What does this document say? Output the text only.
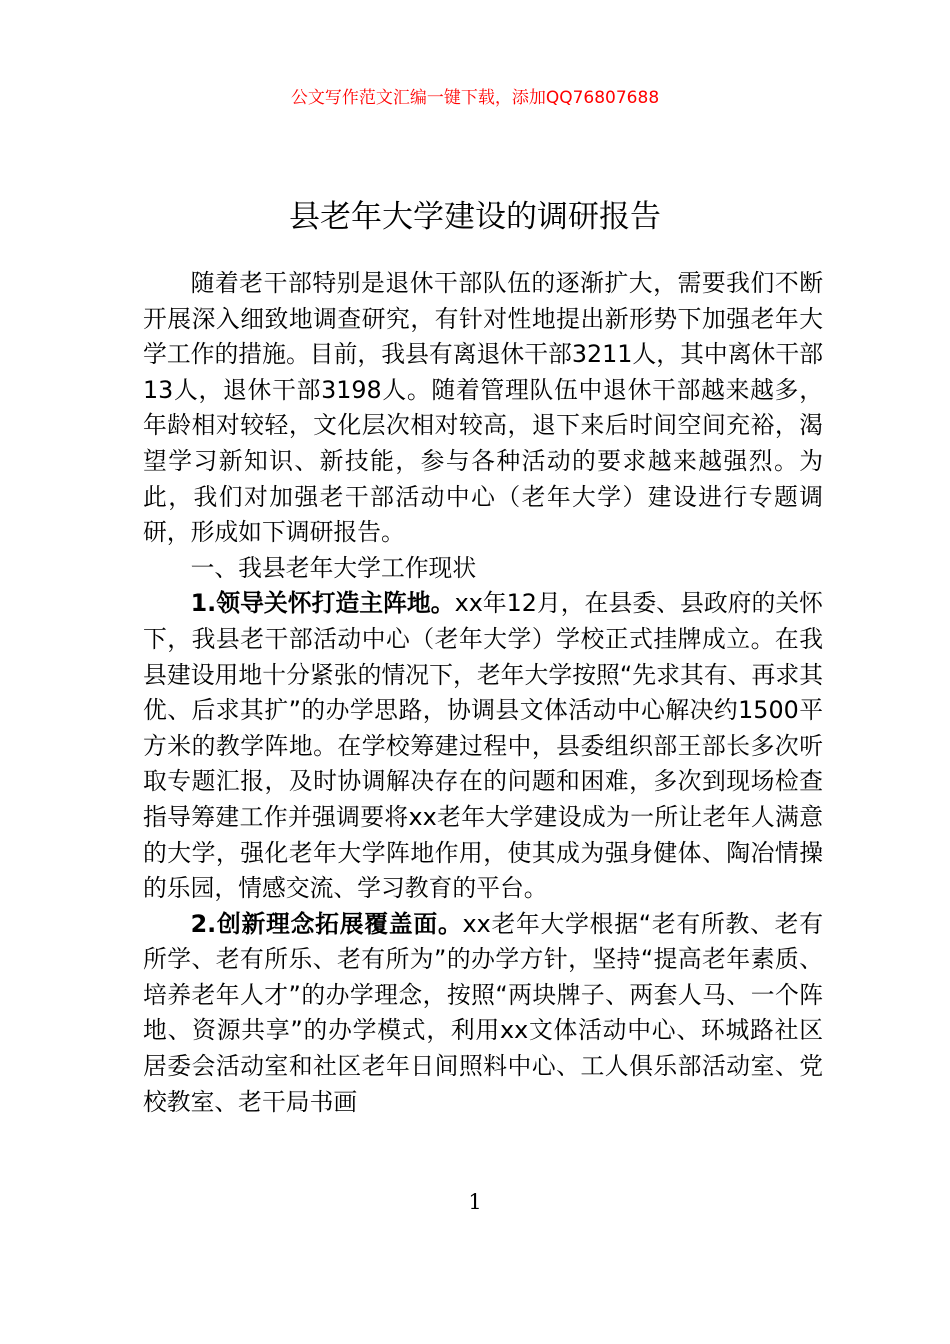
公文写作范文汇编一键下载，添加QQ76807688
县老年大学建设的调研报告

随着老干部特别是退休干部队伍的逐渐扩大，需要我们不断开展深入细致地调查研究，有针对性地提出新形势下加强老年大学工作的措施。目前，我县有离退休干部3211人，其中离休干部13人，退休干部3198人。随着管理队伍中退休干部越来越多，年龄相对较轻，文化层次相对较高，退下来后时间空间充裕，渴望学习新知识、新技能，参与各种活动的要求越来越强烈。为此，我们对加强老干部活动中心（老年大学）建设进行专题调研，形成如下调研报告。

一、我县老年大学工作现状

1.领导关怀打造主阵地。xx年12月，在县委、县政府的关怀下，我县老干部活动中心（老年大学）学校正式挂牌成立。在我县建设用地十分紧张的情况下，老年大学按照“先求其有、再求其优、后求其扩”的办学思路，协调县文体活动中心解决约1500平方米的教学阵地。在学校筹建过程中，县委组织部王部长多次听取专题汇报，及时协调解决存在的问题和困难，多次到现场检查指导筹建工作并强调要将xx老年大学建设成为一所让老年人满意的大学，强化老年大学阵地作用，使其成为强身健体、陶冶情操的乐园，情感交流、学习教育的平台。

2.创新理念拓展覆盖面。xx老年大学根据“老有所教、老有所学、老有所乐、老有所为”的办学方针，坚持“提高老年素质、培养老年人才”的办学理念，按照“两块牌子、两套人马、一个阵地、资源共享”的办学模式，利用xx文体活动中心、环城路社区居委会活动室和社区老年日间照料中心、工人俱乐部活动室、党校教室、老干局书画

1
